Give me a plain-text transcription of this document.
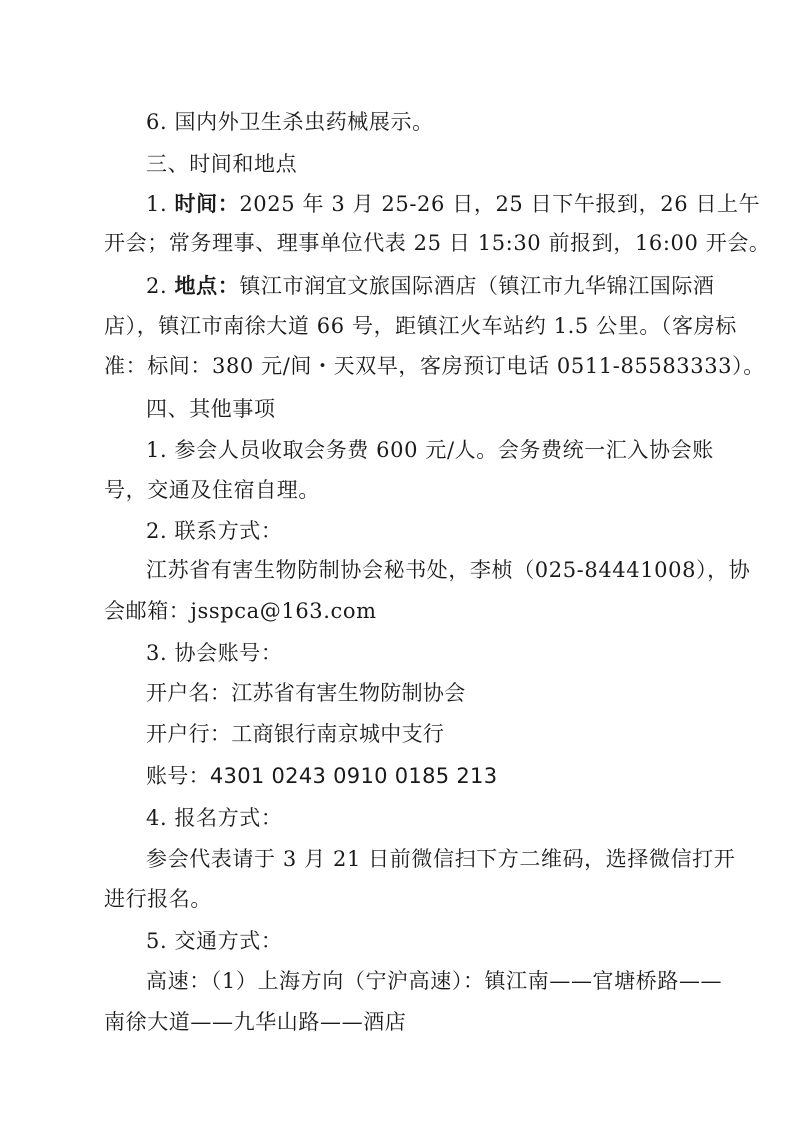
6. 国内外卫生杀虫药械展示。
三、时间和地点
1. 时间：2025 年 3 月 25-26 日，25 日下午报到，26 日上午
开会；常务理事、理事单位代表 25 日 15:30 前报到，16:00 开会。
2. 地点：镇江市润宜文旅国际酒店（镇江市九华锦江国际酒
店），镇江市南徐大道 66 号，距镇江火车站约 1.5 公里。（客房标
准：标间：380 元/间・天双早，客房预订电话 0511-85583333）。
四、其他事项
1. 参会人员收取会务费 600 元/人。会务费统一汇入协会账
号，交通及住宿自理。
2. 联系方式：
江苏省有害生物防制协会秘书处，李桢（025-84441008），协
会邮箱：jsspca@163.com
3. 协会账号：
开户名：江苏省有害生物防制协会
开户行：工商银行南京城中支行
账号：4301 0243 0910 0185 213
4. 报名方式：
参会代表请于 3 月 21 日前微信扫下方二维码，选择微信打开
进行报名。
5. 交通方式：
高速：（1）上海方向（宁沪高速）：镇江南——官塘桥路——
南徐大道——九华山路——酒店
